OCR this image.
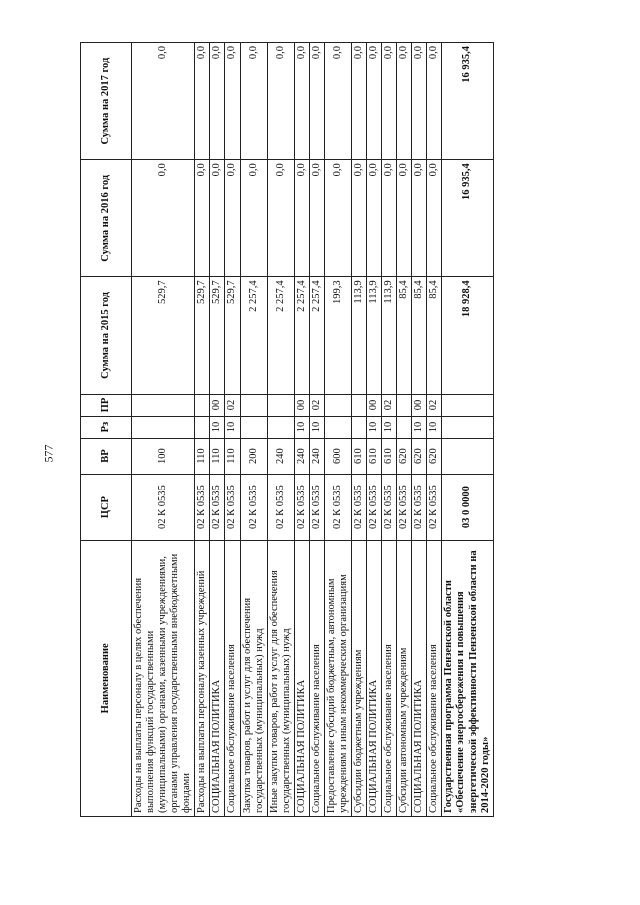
577
Наименование	ЦСР	ВР	Рз	ПР	Сумма на 2015 год	Сумма на 2016 год	Сумма на 2017 год
Расходы на выплаты персоналу в целях обеспечения выполнения функций государственными (муниципальными) органами, казенными учреждениями, органами управления государственными внебюджетными фондами	02 К 0535	100			529,7	0,0	0,0
Расходы на выплаты персоналу казенных учреждений	02 К 0535	110			529,7	0,0	0,0
СОЦИАЛЬНАЯ ПОЛИТИКА	02 К 0535	110	10	00	529,7	0,0	0,0
Социальное обслуживание населения	02 К 0535	110	10	02	529,7	0,0	0,0
Закупка товаров, работ и услуг для обеспечения государственных (муниципальных) нужд	02 К 0535	200			2 257,4	0,0	0,0
Иные закупки товаров, работ и услуг для обеспечения государственных (муниципальных) нужд	02 К 0535	240			2 257,4	0,0	0,0
СОЦИАЛЬНАЯ ПОЛИТИКА	02 К 0535	240	10	00	2 257,4	0,0	0,0
Социальное обслуживание населения	02 К 0535	240	10	02	2 257,4	0,0	0,0
Предоставление субсидий бюджетным, автономным учреждениям и иным некоммерческим организациям	02 К 0535	600			199,3	0,0	0,0
Субсидии бюджетным учреждениям	02 К 0535	610			113,9	0,0	0,0
СОЦИАЛЬНАЯ ПОЛИТИКА	02 К 0535	610	10	00	113,9	0,0	0,0
Социальное обслуживание населения	02 К 0535	610	10	02	113,9	0,0	0,0
Субсидии автономным учреждениям	02 К 0535	620			85,4	0,0	0,0
СОЦИАЛЬНАЯ ПОЛИТИКА	02 К 0535	620	10	00	85,4	0,0	0,0
Социальное обслуживание населения	02 К 0535	620	10	02	85,4	0,0	0,0
Государственная программа Пензенской области «Обеспечение энергосбережения и повышения энергетической эффективности Пензенской области на 2014-2020 годы»	03 0 0000				18 928,4	16 935,4	16 935,4
